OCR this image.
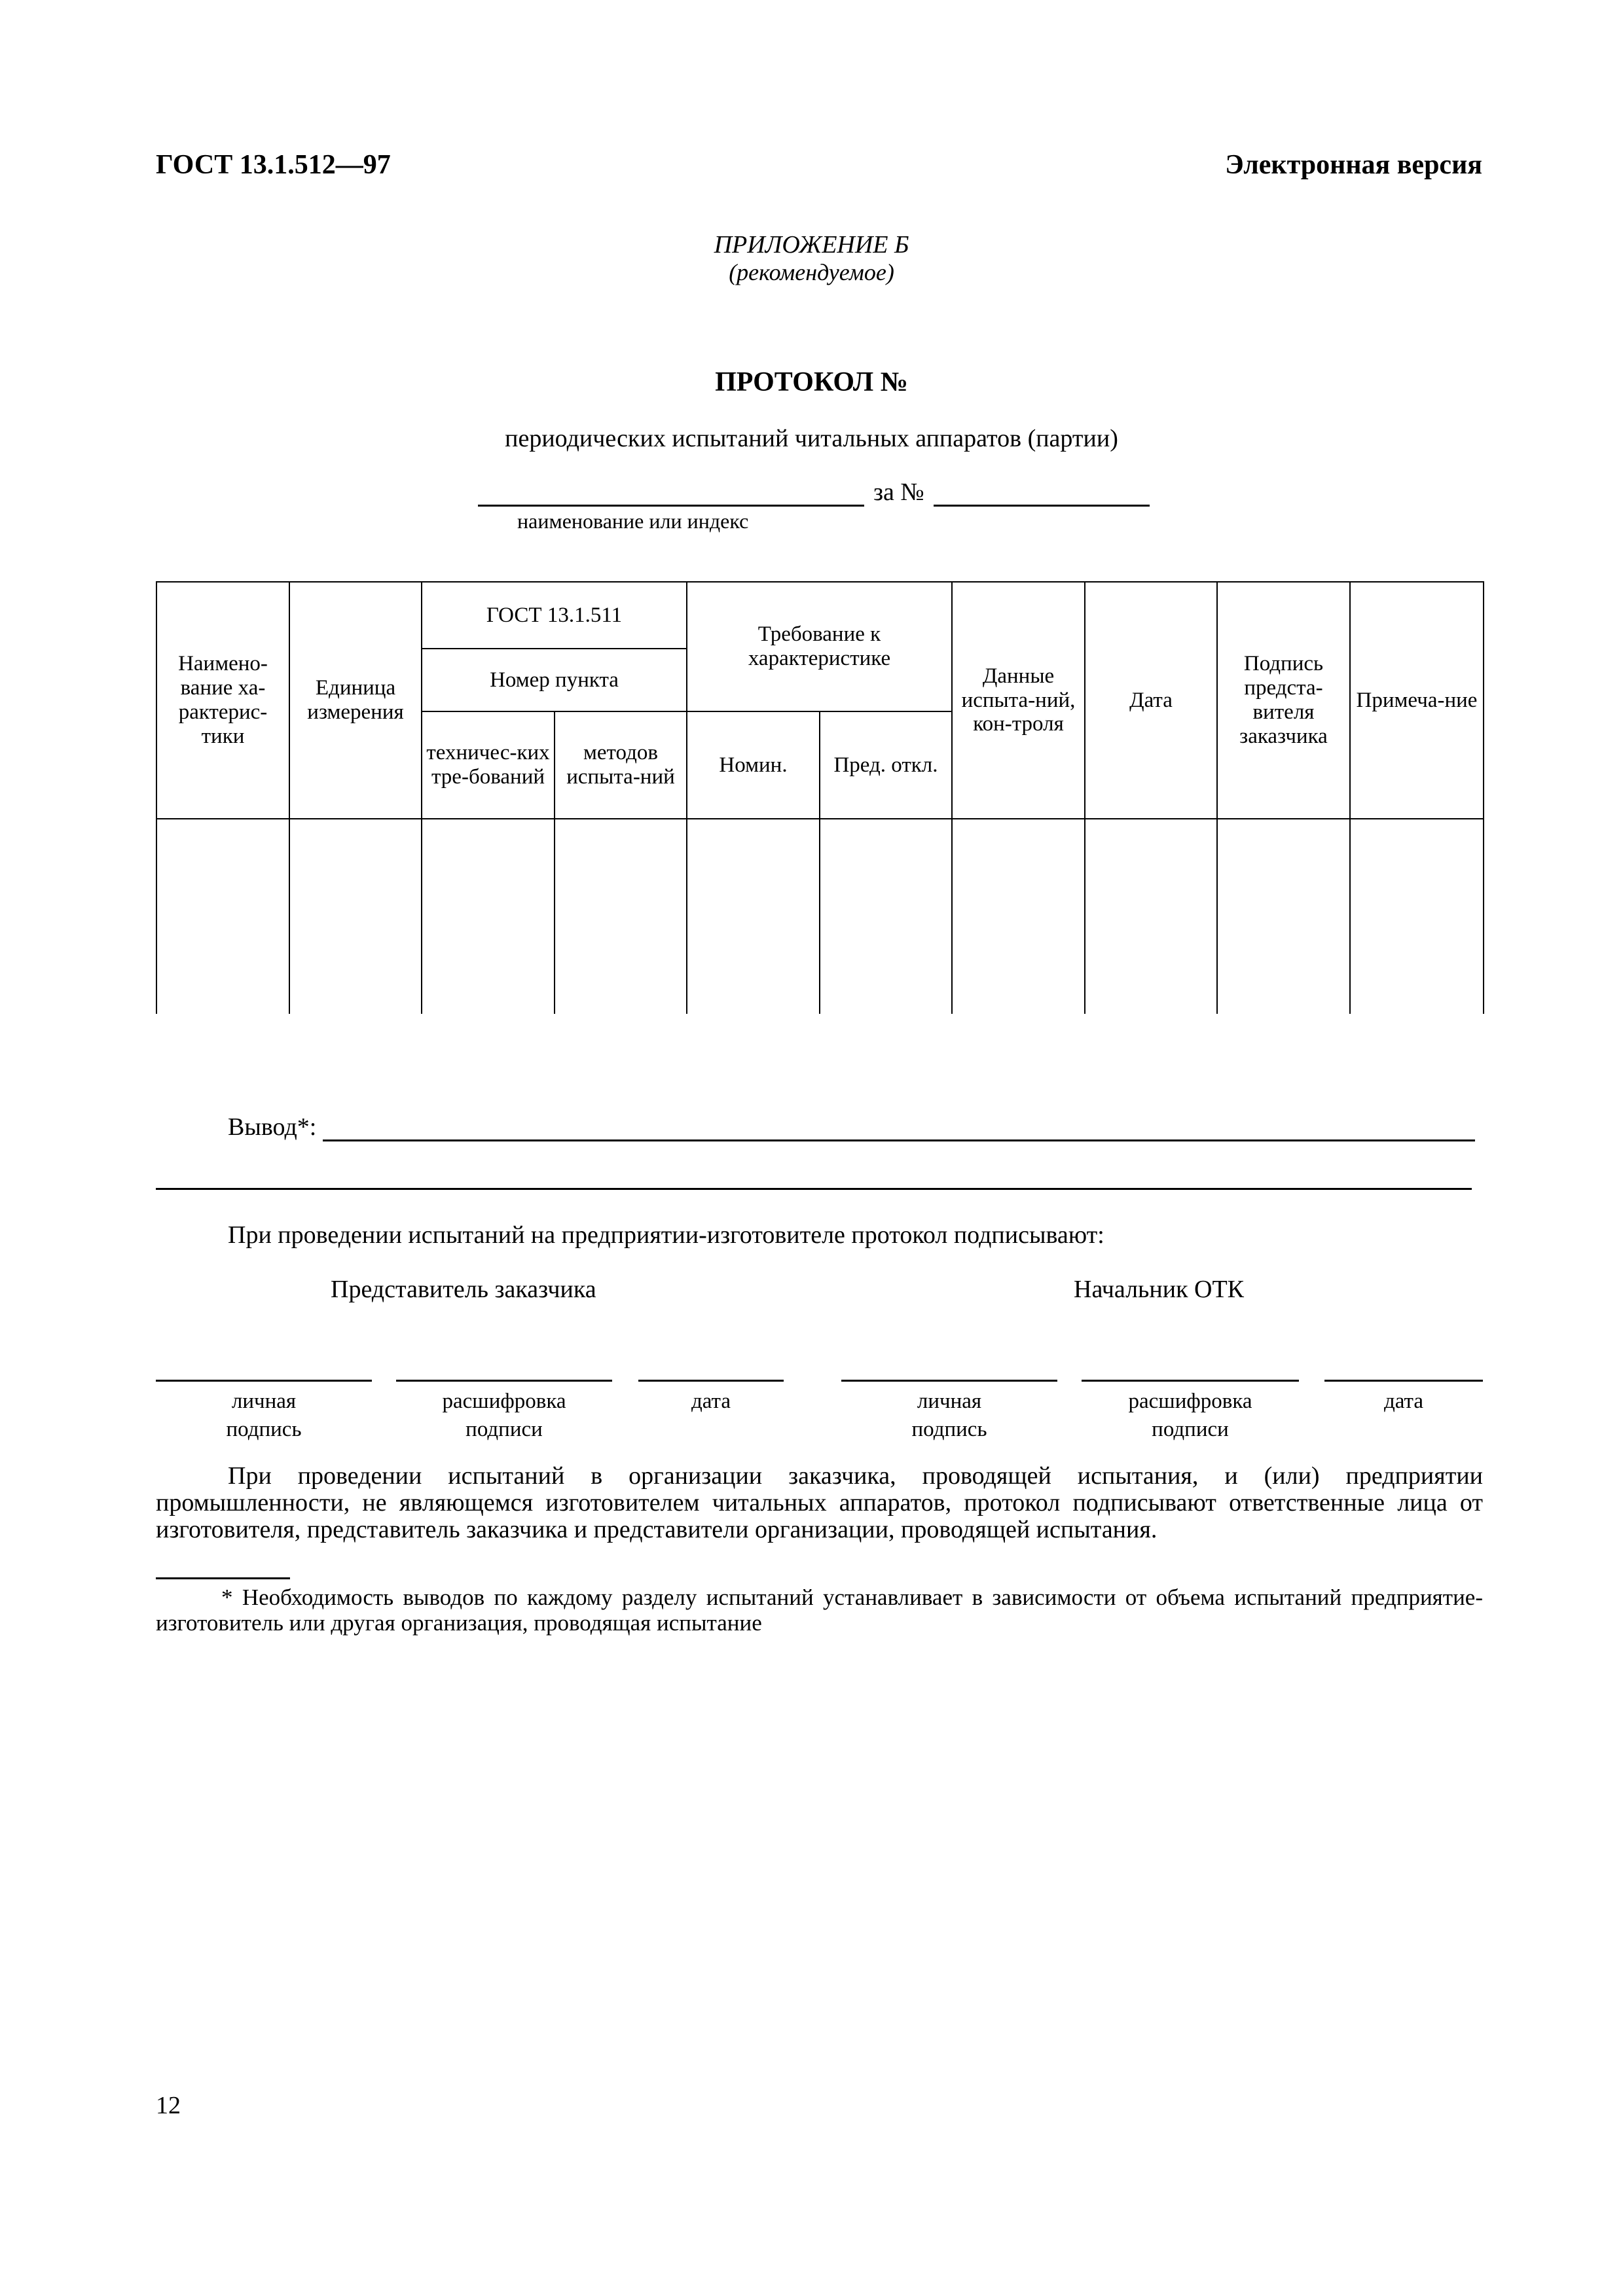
ГОСТ 13.1.512—97	Электронная версия
ПРИЛОЖЕНИЕ Б
(рекомендуемое)
ПРОТОКОЛ №
периодических испытаний читальных аппаратов (партии)
за №
наименование или индекс
Наимено-вание ха-рактерис-тики	Единица измерения	ГОСТ 13.1.511		Требование к характеристике		Данные испыта-ний, кон-троля	Дата	Подпись предста-вителя заказчика	Примеча-ние
		Номер пункта							
		техничес-ких тре-бований	методов испыта-ний	Номин.	Пред. откл.				

Вывод*:
При проведении испытаний на предприятии-изготовителе протокол подписывают:
Представитель заказчика	Начальник ОТК
личная
подпись
расшифровка
подписи
дата	личная
подпись
расшифровка
подписи
дата
При проведении испытаний в организации заказчика, проводящей испытания, и (или) предприятии промышленности, не являющемся изготовителем читальных аппаратов, протокол подписывают ответственные лица от изготовителя, представитель заказчика и представители организации, проводящей испытания.
* Необходимость выводов по каждому разделу испытаний устанавливает в зависимости от объема испытаний предприятие-изготовитель или другая организация, проводящая испытание
12
